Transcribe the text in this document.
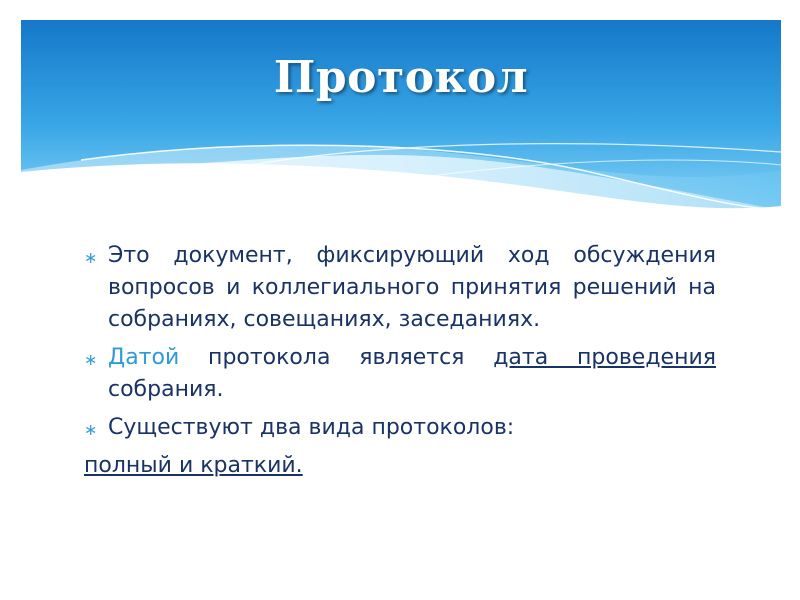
Протокол
∗ Это документ, фиксирующий ход обсуждения вопросов и коллегиального принятия решений на собраниях, совещаниях, заседаниях.
∗ Датой протокола является дата проведения собрания.
∗ Существуют два вида протоколов:
полный и краткий.
